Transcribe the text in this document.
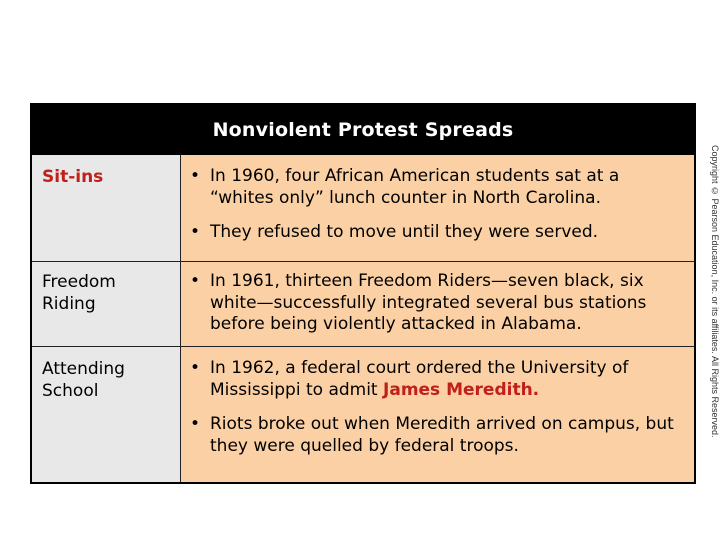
Nonviolent Protest Spreads
Sit-ins	• In 1960, four African American students sat at a “whites only” lunch counter in North Carolina.
• They refused to move until they were served.
Freedom Riding
• In 1961, thirteen Freedom Riders—seven black, six white—successfully integrated several bus stations before being violently attacked in Alabama.
Attending School
• In 1962, a federal court ordered the University of Mississippi to admit James Meredith.
• Riots broke out when Meredith arrived on campus, but they were quelled by federal troops.
Copyright © Pearson Education, Inc. or its affiliates. All Rights Reserved.
